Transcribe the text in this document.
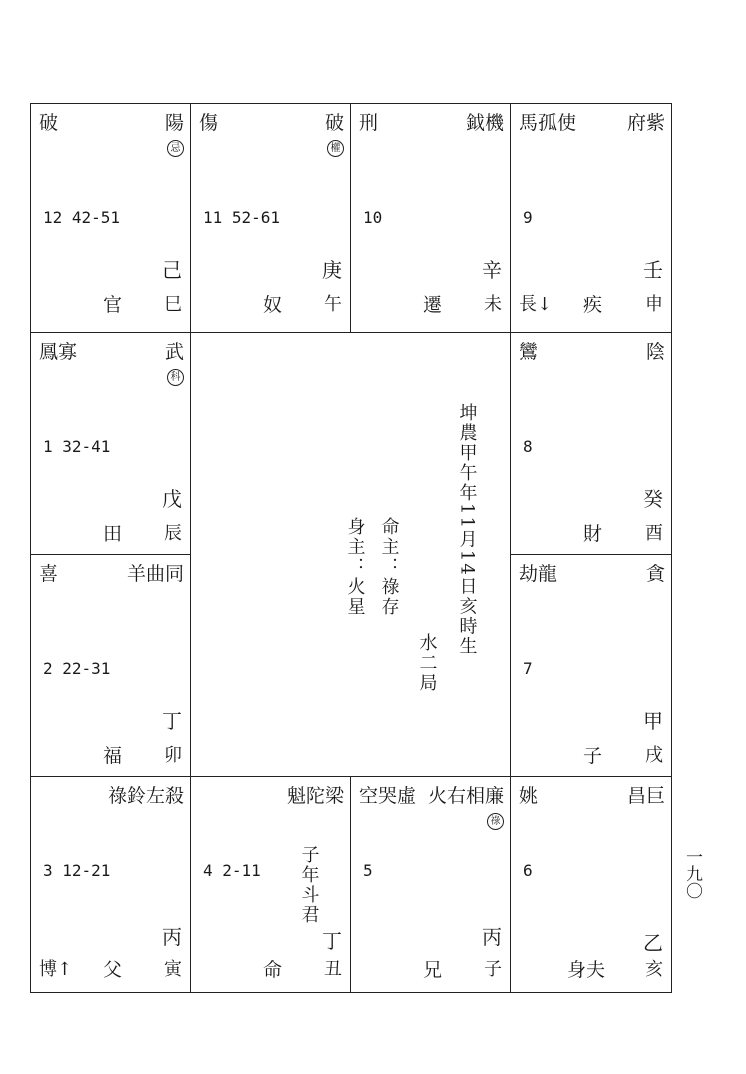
破	陽
忌
12 42-51
己
官 巳
傷	破
權
11 52-61
庚
奴 午
刑	鉞機
10
辛
遷 未
馬孤使	府紫
9
壬
長↓ 疾 申
鳳寡	武
科
1 32-41
戊
田 辰
鸞	陰
8
癸
財 酉
喜	羊曲同
2 22-31
丁
福 卯
劫龍	貪
7
甲
子 戌
坤農甲午年11月14日亥時生
水二局
命主：祿存
身主：火星
祿鈴左殺
3 12-21
丙
博↑ 父 寅
魁陀梁
4 2-11 子年斗君
丁
命 丑
空哭虛 火右相廉
祿
5
丙
兄 子
姚	昌巨
6
乙
身夫 亥
一九〇
